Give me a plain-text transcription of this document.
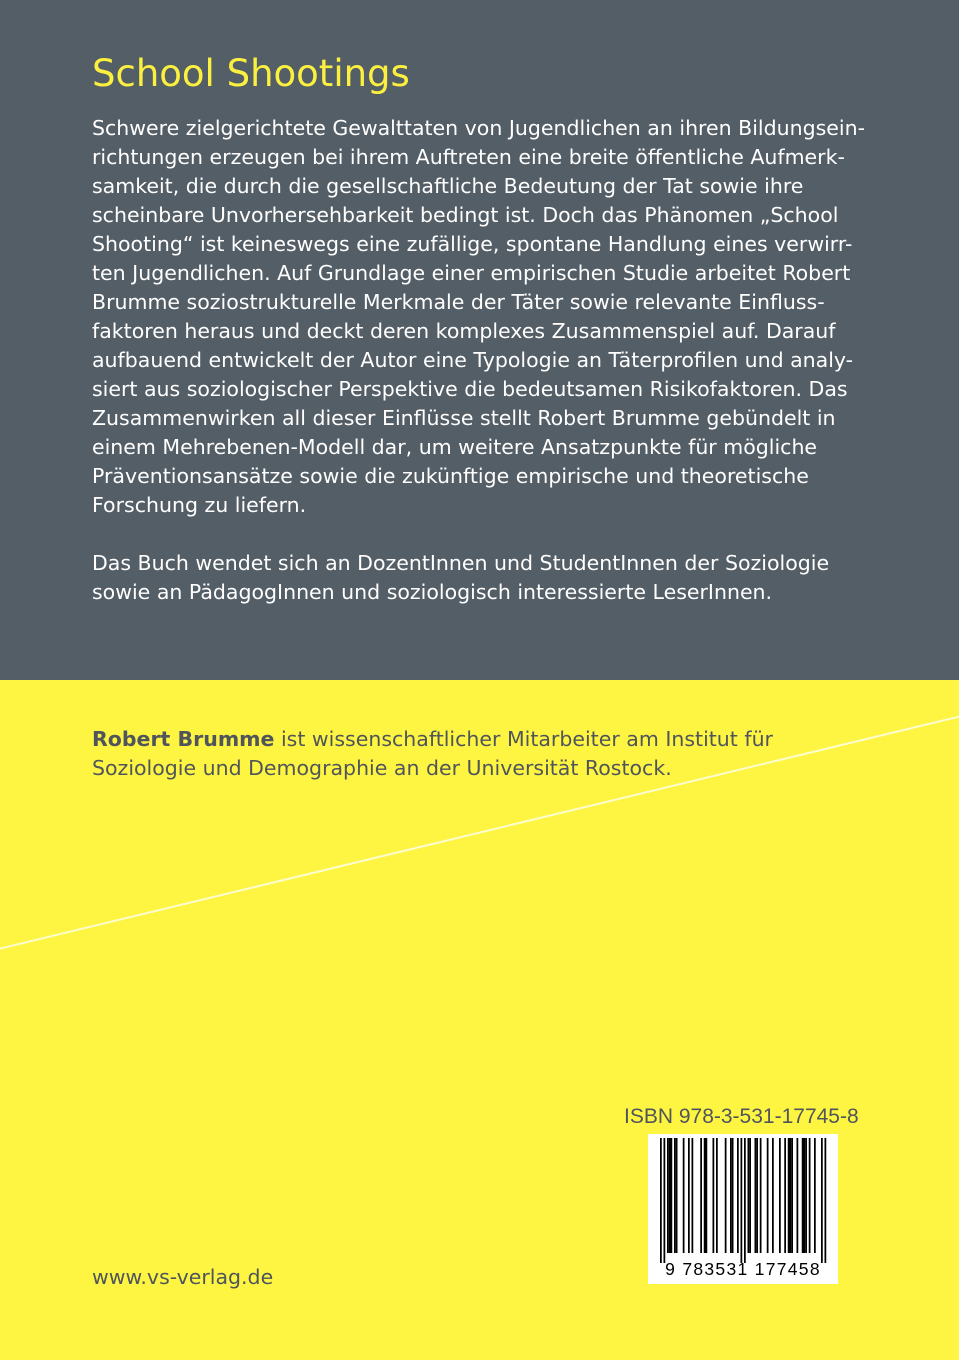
School Shootings
Schwere zielgerichtete Gewalttaten von Jugendlichen an ihren Bildungsein-
richtungen erzeugen bei ihrem Auftreten eine breite öffentliche Aufmerk-
samkeit, die durch die gesellschaftliche Bedeutung der Tat sowie ihre
scheinbare Unvorhersehbarkeit bedingt ist. Doch das Phänomen „School
Shooting“ ist keineswegs eine zufällige, spontane Handlung eines verwirr-
ten Jugendlichen. Auf Grundlage einer empirischen Studie arbeitet Robert
Brumme soziostrukturelle Merkmale der Täter sowie relevante Einfluss-
faktoren heraus und deckt deren komplexes Zusammenspiel auf. Darauf
aufbauend entwickelt der Autor eine Typologie an Täterprofilen und analy-
siert aus soziologischer Perspektive die bedeutsamen Risikofaktoren. Das
Zusammenwirken all dieser Einflüsse stellt Robert Brumme gebündelt in
einem Mehrebenen-Modell dar, um weitere Ansatzpunkte für mögliche
Präventionsansätze sowie die zukünftige empirische und theoretische
Forschung zu liefern.
Das Buch wendet sich an DozentInnen und StudentInnen der Soziologie
sowie an PädagogInnen und soziologisch interessierte LeserInnen.

Robert Brumme ist wissenschaftlicher Mitarbeiter am Institut für
Soziologie und Demographie an der Universität Rostock.

ISBN 978-3-531-17745-8
9 783531 177458
www.vs-verlag.de
